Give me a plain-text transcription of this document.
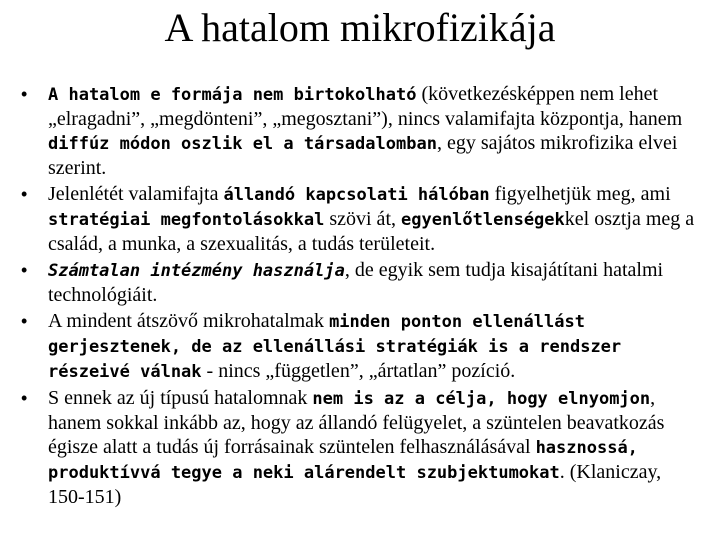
A hatalom mikrofizikája
• A hatalom e formája nem birtokolható (következésképpen nem lehet „elragadni”, „megdönteni”, „megosztani”), nincs valamifajta központja, hanem diffúz módon oszlik el a társadalomban, egy sajátos mikrofizika elvei szerint.
• Jelenlétét valamifajta állandó kapcsolati hálóban figyelhetjük meg, ami stratégiai megfontolásokkal szövi át, egyenlőtlenségekkel osztja meg a család, a munka, a szexualitás, a tudás területeit.
• Számtalan intézmény használja, de egyik sem tudja kisajátítani hatalmi technológiáit.
• A mindent átszövő mikrohatalmak minden ponton ellenállást gerjesztenek, de az ellenállási stratégiák is a rendszer részeivé válnak - nincs „független”, „ártatlan” pozíció.
• S ennek az új típusú hatalomnak nem is az a célja, hogy elnyomjon, hanem sokkal inkább az, hogy az állandó felügyelet, a szüntelen beavatkozás égisze alatt a tudás új forrásainak szüntelen felhasználásával hasznossá, produktívvá tegye a neki alárendelt szubjektumokat. (Klaniczay, 150-151)
